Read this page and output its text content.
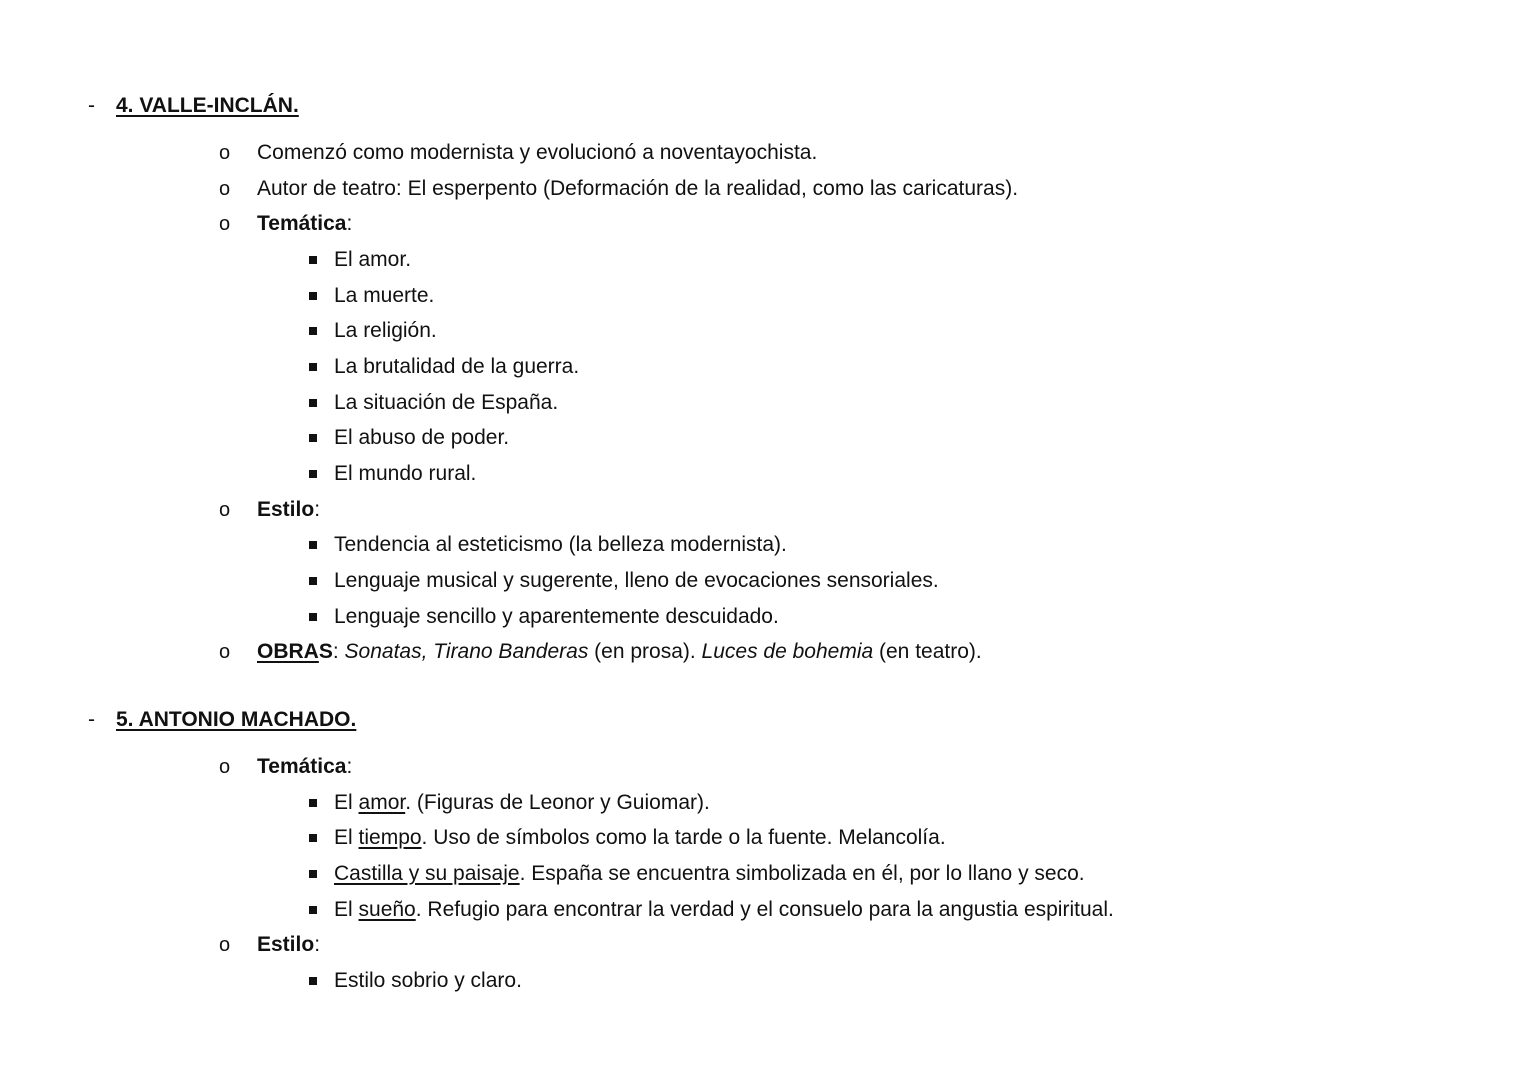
- 4. VALLE-INCLÁN.
o Comenzó como modernista y evolucionó a noventayochista.
o Autor de teatro: El esperpento (Deformación de la realidad, como las caricaturas).
o Temática:
El amor.
La muerte.
La religión.
La brutalidad de la guerra.
La situación de España.
El abuso de poder.
El mundo rural.
o Estilo:
Tendencia al esteticismo (la belleza modernista).
Lenguaje musical y sugerente, lleno de evocaciones sensoriales.
Lenguaje sencillo y aparentemente descuidado.
o OBRAS: Sonatas, Tirano Banderas (en prosa). Luces de bohemia (en teatro).
- 5. ANTONIO MACHADO.
o Temática:
El amor. (Figuras de Leonor y Guiomar).
El tiempo. Uso de símbolos como la tarde o la fuente. Melancolía.
Castilla y su paisaje. España se encuentra simbolizada en él, por lo llano y seco.
El sueño. Refugio para encontrar la verdad y el consuelo para la angustia espiritual.
o Estilo:
Estilo sobrio y claro.
